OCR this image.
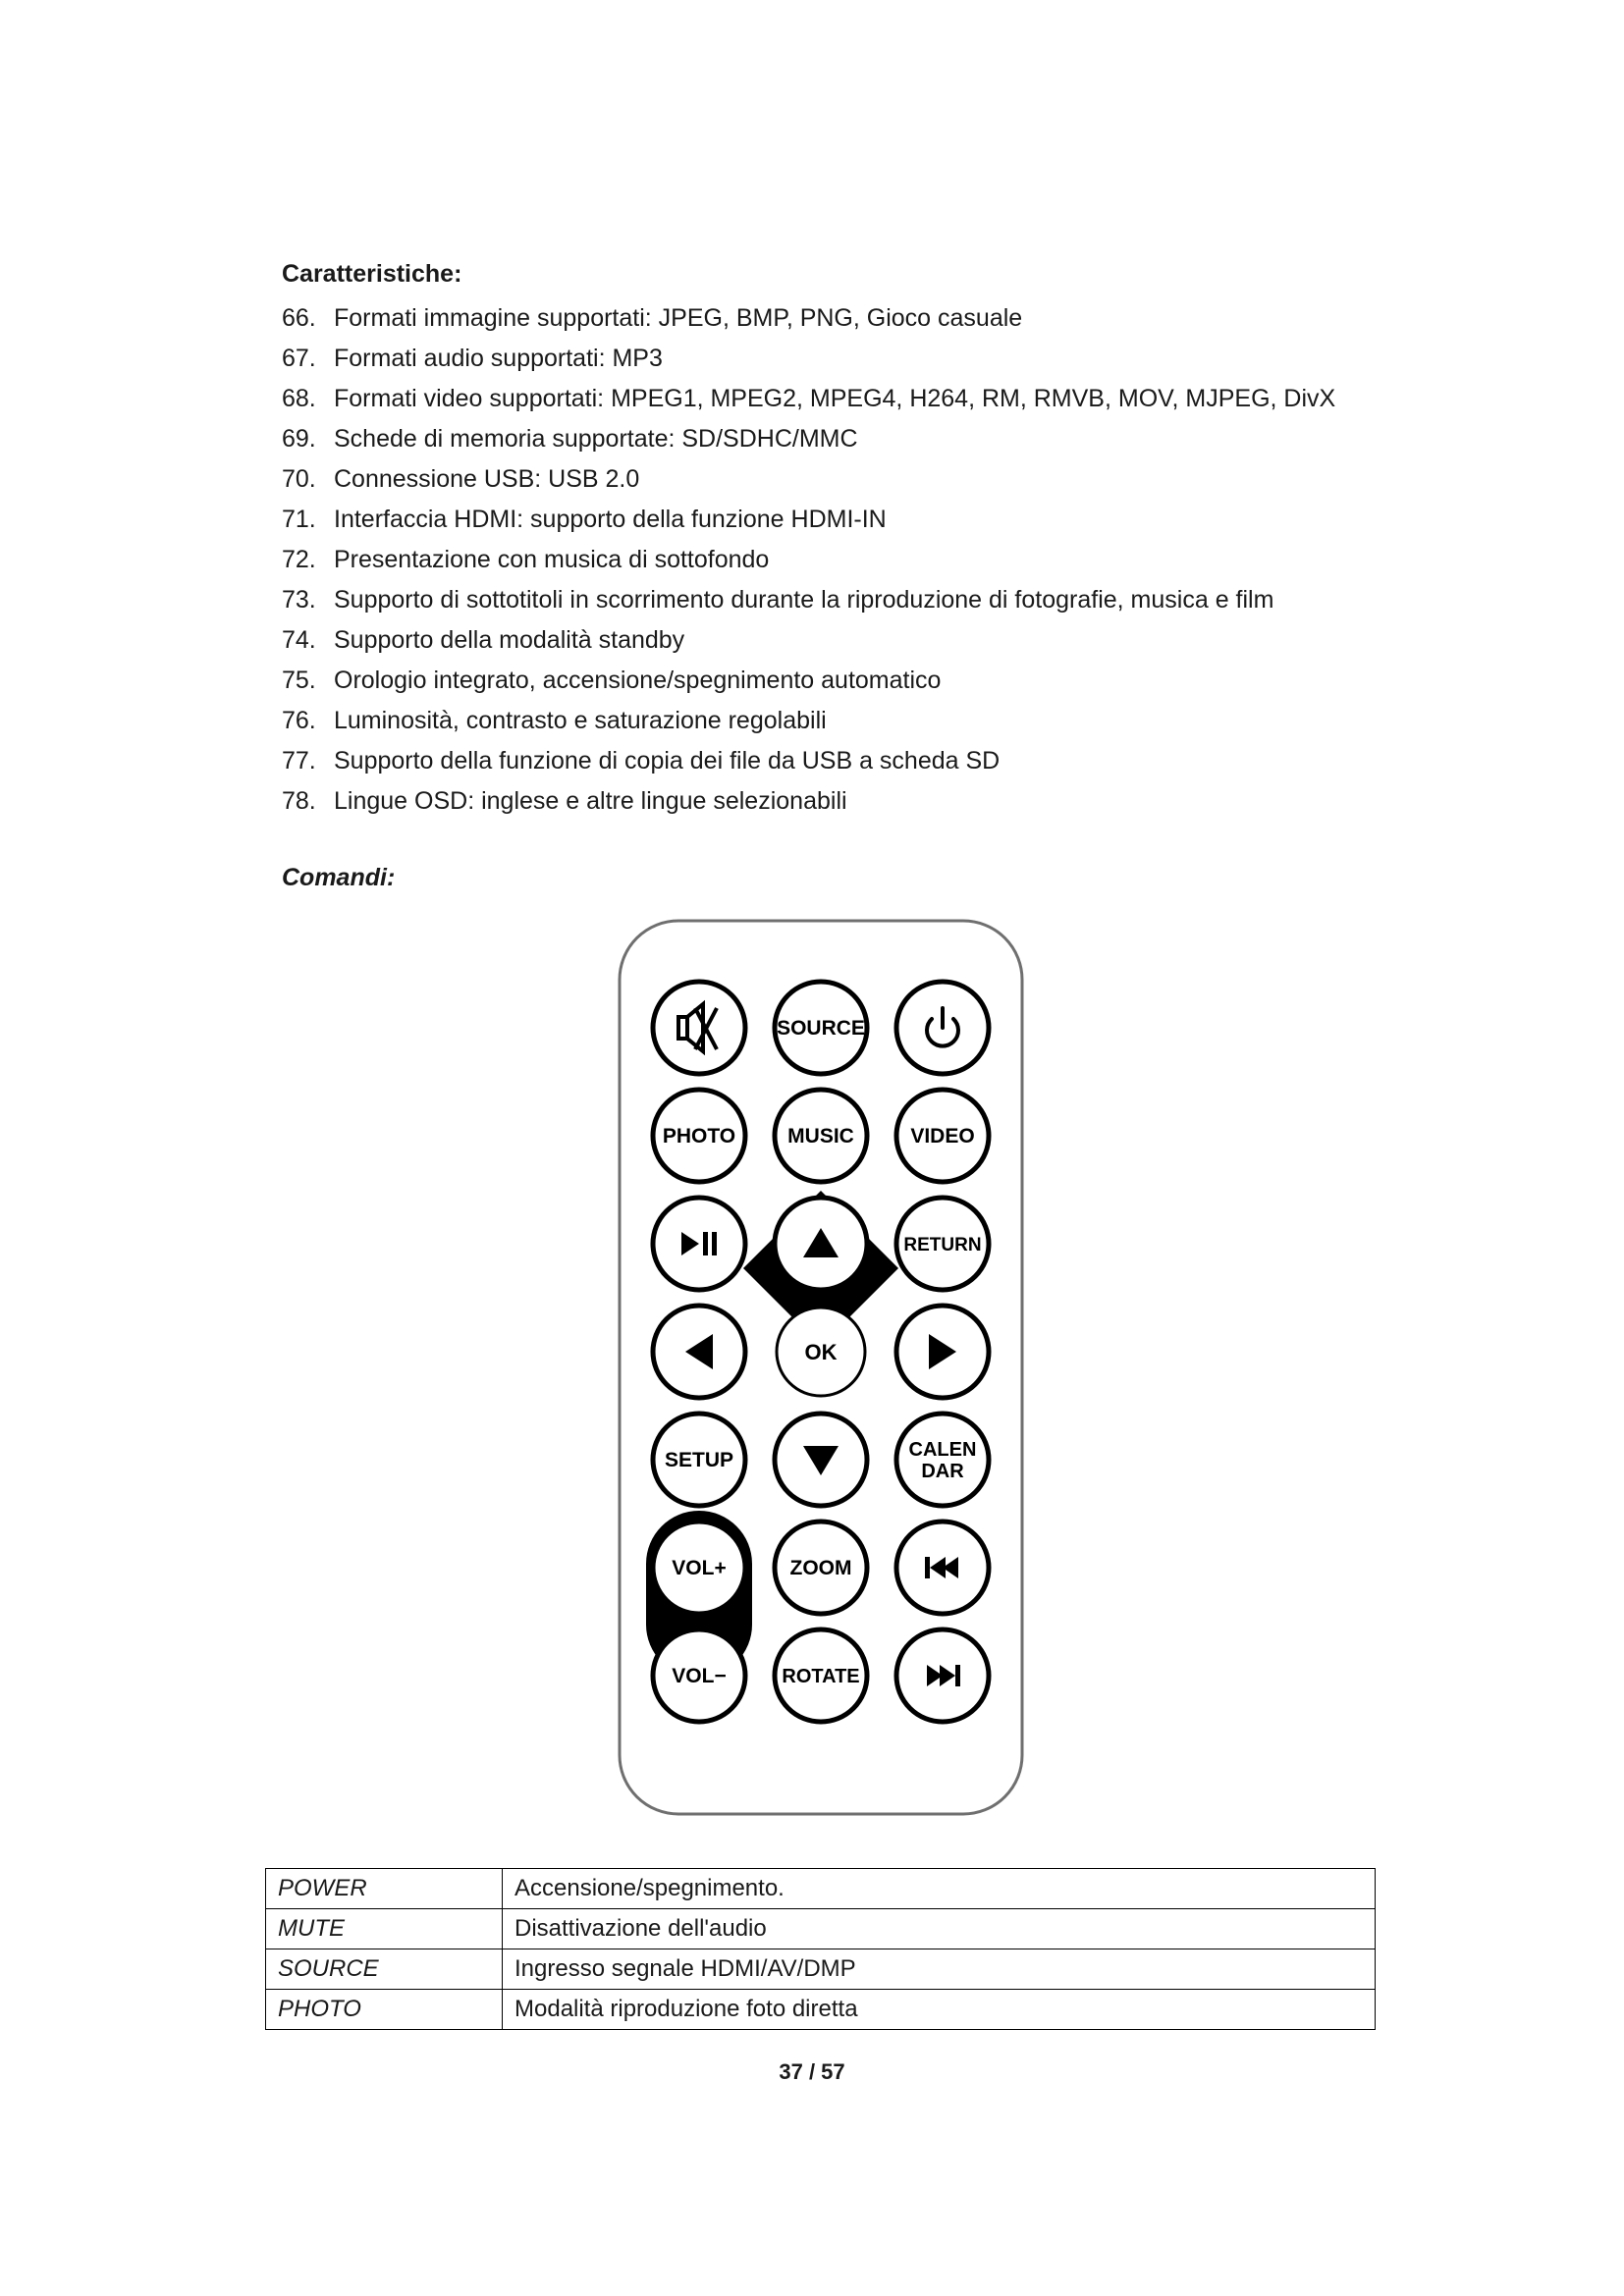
Caratteristiche:
66. Formati immagine supportati: JPEG, BMP, PNG, Gioco casuale
67. Formati audio supportati: MP3
68. Formati video supportati: MPEG1, MPEG2, MPEG4, H264, RM, RMVB, MOV, MJPEG, DivX
69. Schede di memoria supportate: SD/SDHC/MMC
70. Connessione USB: USB 2.0
71. Interfaccia HDMI: supporto della funzione HDMI-IN
72. Presentazione con musica di sottofondo
73. Supporto di sottotitoli in scorrimento durante la riproduzione di fotografie, musica e film
74. Supporto della modalità standby
75. Orologio integrato, accensione/spegnimento automatico
76. Luminosità, contrasto e saturazione regolabili
77. Supporto della funzione di copia dei file da USB a scheda SD
78. Lingue OSD: inglese e altre lingue selezionabili
Comandi:
SOURCE
PHOTO	MUSIC	VIDEO
RETURN
OK
SETUP	CALEN
DAR
VOL+	ZOOM
VOL−	ROTATE
POWER	Accensione/spegnimento.
MUTE	Disattivazione dell'audio
SOURCE	Ingresso segnale HDMI/AV/DMP
PHOTO	Modalità riproduzione foto diretta
37 / 57
